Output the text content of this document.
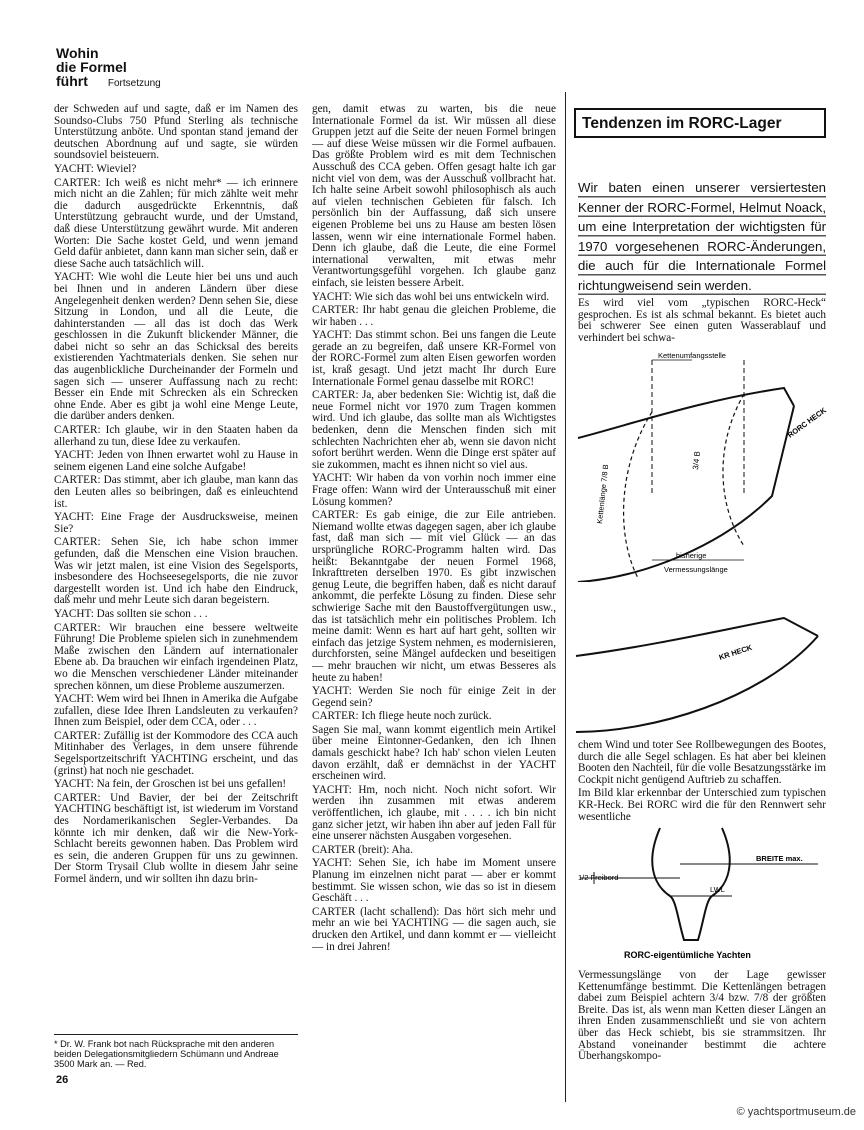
Wohin
die Formel
führt Fortsetzung

der Schweden auf und sagte, daß er im Namen des Soundso-Clubs 750 Pfund Sterling als technische Unterstützung anböte. Und spontan stand jemand der deutschen Abordnung auf und sagte, sie würden soundsoviel beisteuern.

YACHT: Wieviel?

CARTER: Ich weiß es nicht mehr* — ich erinnere mich nicht an die Zahlen; für mich zählte weit mehr die dadurch ausgedrückte Erkenntnis, daß Unterstützung gebraucht wurde, und der Umstand, daß diese Unterstützung gewährt wurde. Mit anderen Worten: Die Sache kostet Geld, und wenn jemand Geld dafür anbietet, dann kann man sicher sein, daß er diese Sache auch tatsächlich will.

YACHT: Wie wohl die Leute hier bei uns und auch bei Ihnen und in anderen Ländern über diese Angelegenheit denken werden? Denn sehen Sie, diese Sitzung in London, und all die Leute, die dahinterstanden — all das ist doch das Werk geschlossen in die Zukunft blickender Männer, die dabei nicht so sehr an das Schicksal des bereits existierenden Yachtmaterials denken. Sie sehen nur das augenblickliche Durcheinander der Formeln und sagen sich — unserer Auffassung nach zu recht: Besser ein Ende mit Schrecken als ein Schrecken ohne Ende. Aber es gibt ja wohl eine Menge Leute, die darüber anders denken.

CARTER: Ich glaube, wir in den Staaten haben da allerhand zu tun, diese Idee zu verkaufen.

YACHT: Jeden von Ihnen erwartet wohl zu Hause in seinem eigenen Land eine solche Aufgabe!

CARTER: Das stimmt, aber ich glaube, man kann das den Leuten alles so beibringen, daß es einleuchtend ist.

YACHT: Eine Frage der Ausdrucksweise, meinen Sie?

CARTER: Sehen Sie, ich habe schon immer gefunden, daß die Menschen eine Vision brauchen. Was wir jetzt malen, ist eine Vision des Segelsports, insbesondere des Hochseesegelsports, die nie zuvor dargestellt worden ist. Und ich habe den Eindruck, daß mehr und mehr Leute sich daran begeistern.

YACHT: Das sollten sie schon . . .

CARTER: Wir brauchen eine bessere weltweite Führung! Die Probleme spielen sich in zunehmendem Maße zwischen den Ländern auf internationaler Ebene ab. Da brauchen wir einfach irgendeinen Platz, wo die Menschen verschiedener Länder miteinander sprechen können, um diese Probleme auszumerzen.

YACHT: Wem wird bei Ihnen in Amerika die Aufgabe zufallen, diese Idee Ihren Landsleuten zu verkaufen? Ihnen zum Beispiel, oder dem CCA, oder . . .

CARTER: Zufällig ist der Kommodore des CCA auch Mitinhaber des Verlages, in dem unsere führende Segelsportzeitschrift YACHTING erscheint, und das (grinst) hat noch nie geschadet.

YACHT: Na fein, der Groschen ist bei uns gefallen!

CARTER: Und Bavier, der bei der Zeitschrift YACHTING beschäftigt ist, ist wiederum im Vorstand des Nordamerikanischen Segler-Verbandes. Da könnte ich mir denken, daß wir die New-York-Schlacht bereits gewonnen haben. Das Problem wird es sein, die anderen Gruppen für uns zu gewinnen. Der Storm Trysail Club wollte in diesem Jahr seine Formel ändern, und wir sollten ihn dazu brin-

gen, damit etwas zu warten, bis die neue Internationale Formel da ist. Wir müssen all diese Gruppen jetzt auf die Seite der neuen Formel bringen — auf diese Weise müssen wir die Formel aufbauen. Das größte Problem wird es mit dem Technischen Ausschuß des CCA geben. Offen gesagt halte ich gar nicht viel von dem, was der Ausschuß vollbracht hat. Ich halte seine Arbeit sowohl philosophisch als auch auf vielen technischen Gebieten für falsch. Ich persönlich bin der Auffassung, daß sich unsere eigenen Probleme bei uns zu Hause am besten lösen lassen, wenn wir eine internationale Formel haben. Denn ich glaube, daß die Leute, die eine Formel international verwalten, mit etwas mehr Verantwortungsgefühl vorgehen. Ich glaube ganz einfach, sie leisten bessere Arbeit.

YACHT: Wie sich das wohl bei uns entwickeln wird.

CARTER: Ihr habt genau die gleichen Probleme, die wir haben . . .

YACHT: Das stimmt schon. Bei uns fangen die Leute gerade an zu begreifen, daß unsere KR-Formel von der RORC-Formel zum alten Eisen geworfen worden ist, kraß gesagt. Und jetzt macht Ihr durch Eure Internationale Formel genau dasselbe mit RORC!

CARTER: Ja, aber bedenken Sie: Wichtig ist, daß die neue Formel nicht vor 1970 zum Tragen kommen wird. Und ich glaube, das sollte man als Wichtigstes bedenken, denn die Menschen finden sich mit schlechten Nachrichten eher ab, wenn sie davon nicht sofort berührt werden. Wenn die Dinge erst später auf sie zukommen, macht es ihnen nicht so viel aus.

YACHT: Wir haben da von vorhin noch immer eine Frage offen: Wann wird der Unterausschuß mit einer Lösung kommen?

CARTER: Es gab einige, die zur Eile antrieben. Niemand wollte etwas dagegen sagen, aber ich glaube fast, daß man sich — mit viel Glück — an das ursprüngliche RORC-Programm halten wird. Das heißt: Bekanntgabe der neuen Formel 1968, Inkrafttreten derselben 1970. Es gibt inzwischen genug Leute, die begriffen haben, daß es nicht darauf ankommt, die perfekte Lösung zu finden. Diese sehr schwierige Sache mit den Baustoffvergütungen usw., das ist tatsächlich mehr ein politisches Problem. Ich meine damit: Wenn es hart auf hart geht, sollten wir einfach das jetzige System nehmen, es modernisieren, durchforsten, seine Mängel aufdecken und beseitigen — mehr brauchen wir nicht, um etwas Besseres als heute zu haben!

YACHT: Werden Sie noch für einige Zeit in der Gegend sein?

CARTER: Ich fliege heute noch zurück.

Sagen Sie mal, wann kommt eigentlich mein Artikel über meine Eintonner-Gedanken, den ich Ihnen damals geschickt habe? Ich hab' schon vielen Leuten davon erzählt, daß er demnächst in der YACHT erscheinen wird.

YACHT: Hm, noch nicht. Noch nicht sofort. Wir werden ihn zusammen mit etwas anderem veröffentlichen, ich glaube, mit . . . . ich bin nicht ganz sicher jetzt, wir haben ihn aber auf jeden Fall für eine unserer nächsten Ausgaben vorgesehen.

CARTER (breit): Aha.

YACHT: Sehen Sie, ich habe im Moment unsere Planung im einzelnen nicht parat — aber er kommt bestimmt. Sie wissen schon, wie das so ist in diesem Geschäft . . .

CARTER (lacht schallend): Das hört sich mehr und mehr an wie bei YACHTING — die sagen auch, sie drucken den Artikel, und dann kommt er — vielleicht — in drei Jahren!

* Dr. W. Frank bot nach Rücksprache mit den anderen beiden Delegationsmitgliedern Schümann und Andreae 3500 Mark an. — Red.
26
Tendenzen im RORC-Lager
Wir baten einen unserer versiertesten Kenner der RORC-Formel, Helmut Noack, um eine Interpretation der wichtigsten für 1970 vorgesehenen RORC-Änderungen, die auch für die Internationale Formel richtungweisend sein werden.

Es wird viel vom „typischen RORC-Heck“ gesprochen. Es ist als schmal bekannt. Es bietet auch bei schwerer See einen guten Wasserablauf und verhindert bei schwa-

Kettenumfangsstelle
Kettenlänge 7/8 B
3/4 B
RORC HECK
bisherige
Vermessungslänge
KR HECK

chem Wind und toter See Rollbewegungen des Bootes, durch die alle Segel schlagen. Es hat aber bei kleinen Booten den Nachteil, für die volle Besatzungsstärke im Cockpit nicht genügend Auftrieb zu schaffen.

Im Bild klar erkennbar der Unterschied zum typischen KR-Heck. Bei RORC wird die für den Rennwert sehr wesentliche

1/2 Freibord
BREITE max.
LWL
RORC-eigentümliche Yachten

Vermessungslänge von der Lage gewisser Kettenumfänge bestimmt. Die Kettenlängen betragen dabei zum Beispiel achtern 3/4 bzw. 7/8 der größten Breite. Das ist, als wenn man Ketten dieser Längen an ihren Enden zusammenschließt und sie von achtern über das Heck schiebt, bis sie strammsitzen. Ihr Abstand voneinander bestimmt die achtere Überhangskompo-

© yachtsportmuseum.de
